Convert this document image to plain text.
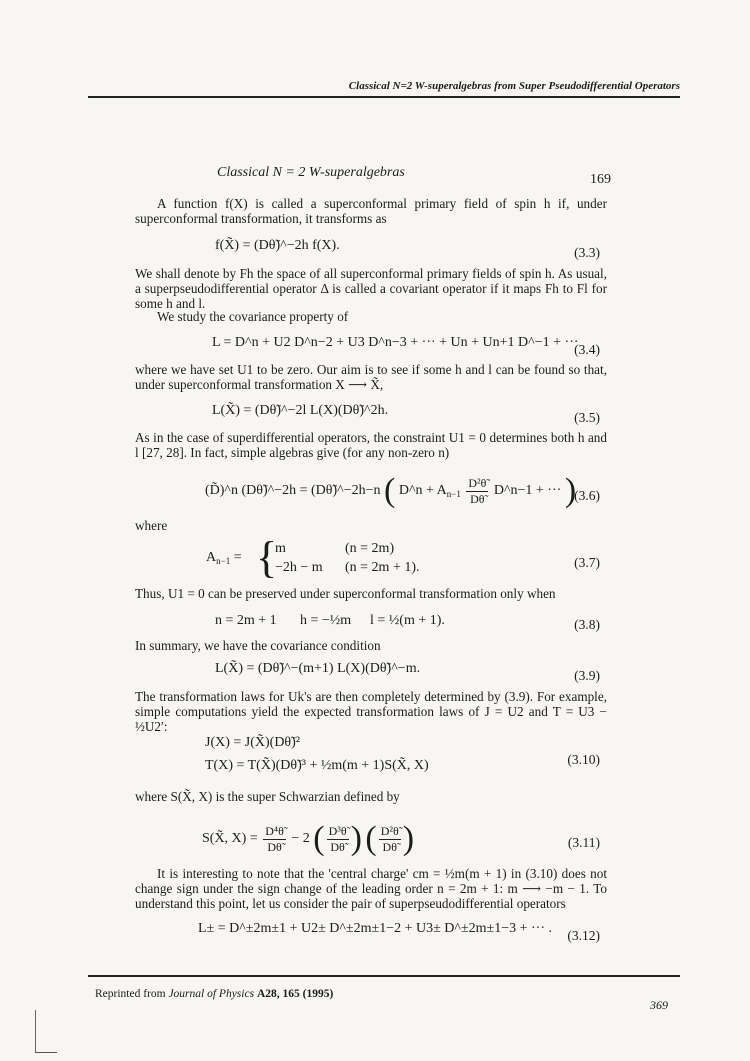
Classical N=2 W-superalgebras from Super Pseudodifferential Operators
Classical N = 2 W-superalgebras	169
A function f(X) is called a superconformal primary field of spin h if, under superconformal transformation, it transforms as
f(X̃) = (Dθ̃)^−2h f(X).	(3.3)
We shall denote by Fh the space of all superconformal primary fields of spin h. As usual, a superpseudodifferential operator Δ is called a covariant operator if it maps Fh to Fl for some h and l.
We study the covariance property of
L = D^n + U2 D^n−2 + U3 D^n−3 + ··· + Un + Un+1 D^−1 + ···
(3.4)
where we have set U1 to be zero. Our aim is to see if some h and l can be found so that, under superconformal transformation X ⟶ X̃,
L(X̃) = (Dθ̃)^−2l L(X)(Dθ̃)^2h.	(3.5)
As in the case of superdifferential operators, the constraint U1 = 0 determines both h and l [27, 28]. In fact, simple algebras give (for any non-zero n)
(D̃)^n (Dθ̃)^−2h = (Dθ̃)^−2h−n ( D^n + $A_{n-1} \frac{\text{D²θ̃}}{D\thetã}$ D^n−1 + ··· )
(3.6)
where
$A_{n-1}$ = {
m	(n = 2m)
−2h − m (n = 2m + 1).	(3.7)
Thus, U1 = 0 can be preserved under superconformal transformation only when
n = 2m + 1 h = −½m l = ½(m + 1).	(3.8)
In summary, we have the covariance condition
L(X̃) = (Dθ̃)^−(m+1) L(X)(Dθ̃)^−m.	(3.9)
The transformation laws for Uk's are then completely determined by (3.9). For example, simple computations yield the expected transformation laws of J = U2 and T = U3 − ½U2′:
J(X) = J(X̃)(Dθ̃)²
T(X) = T(X̃)(Dθ̃)³ + ½m(m + 1)S(X̃, X)	(3.10)
where S(X̃, X) is the super Schwarzian defined by
S(X̃, $X) = \frac{\text{D⁴θ̃}}{D\thetã} - 2$ ( $\frac{\text{D³θ̃}}{D\thetã}$ ) ( $\frac{\text{D²θ̃}}{D\thetã}$ )	(3.11)
It is interesting to note that the 'central charge' cm = ½m(m + 1) in (3.10) does not change sign under the sign change of the leading order n = 2m + 1: m ⟶ −m − 1. To understand this point, let us consider the pair of superpseudodifferential operators
L± = D^±2m±1 + U2± D^±2m±1−2 + U3± D^±2m±1−3 + ··· .	(3.12)
Reprinted from Journal of Physics A28, 165 (1995)
369
